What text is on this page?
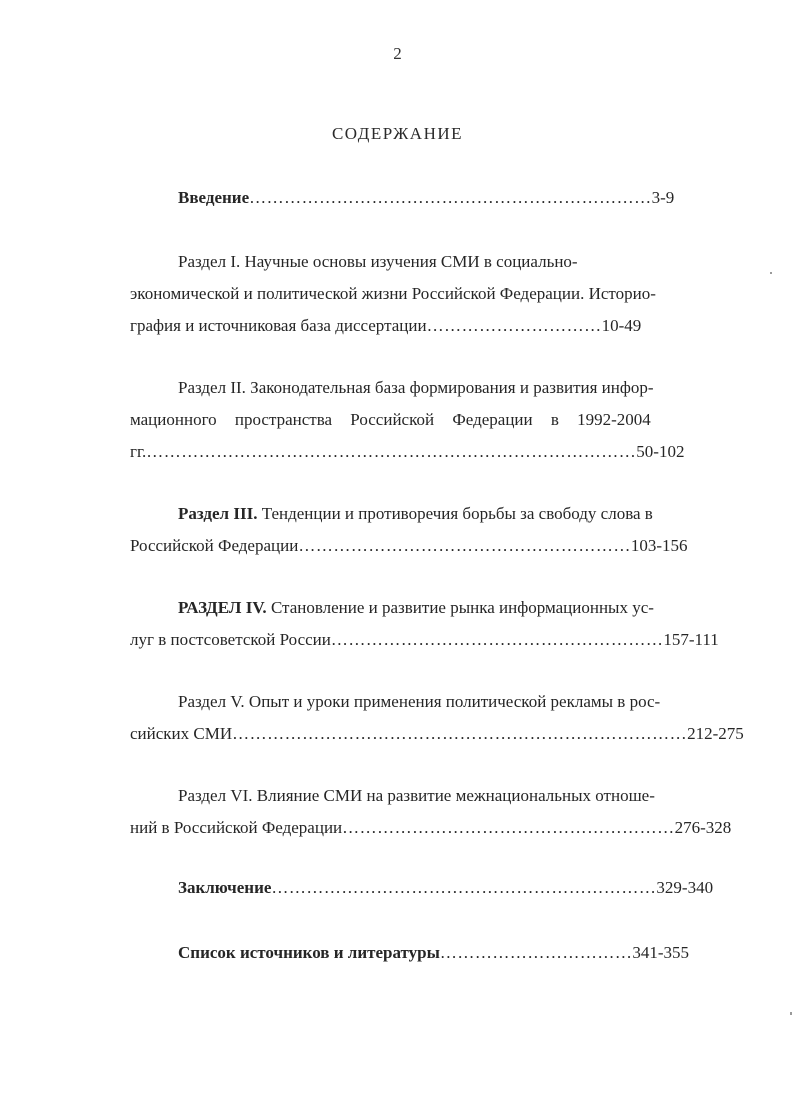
2
СОДЕРЖАНИЕ
Введение……………………………………………………………3-9

Раздел I. Научные основы изучения СМИ в социально-

экономической и политической жизни Российской Федерации. Историо-
графия и источниковая база диссертации…………………………10-49

Раздел II. Законодательная база формирования и развития инфор-

мационного пространства Российской Федерации в 1992-2004
гг.…………………………………………………………………………50-102

Раздел III. Тенденции и противоречия борьбы за свободу слова в

Российской Федерации…………………………………………………103-156

РАЗДЕЛ IV. Становление и развитие рынка информационных ус-

луг в постсоветской России…………………………………………………157-111

Раздел V. Опыт и уроки применения политической рекламы в рос-

сийских СМИ……………………………………………………………………212-275

Раздел VI. Влияние СМИ на развитие межнациональных отноше-

ний в Российской Федерации…………………………………………………276-328
Заключение…………………………………………………………329-340
Список источников и литературы……………………………341-355
